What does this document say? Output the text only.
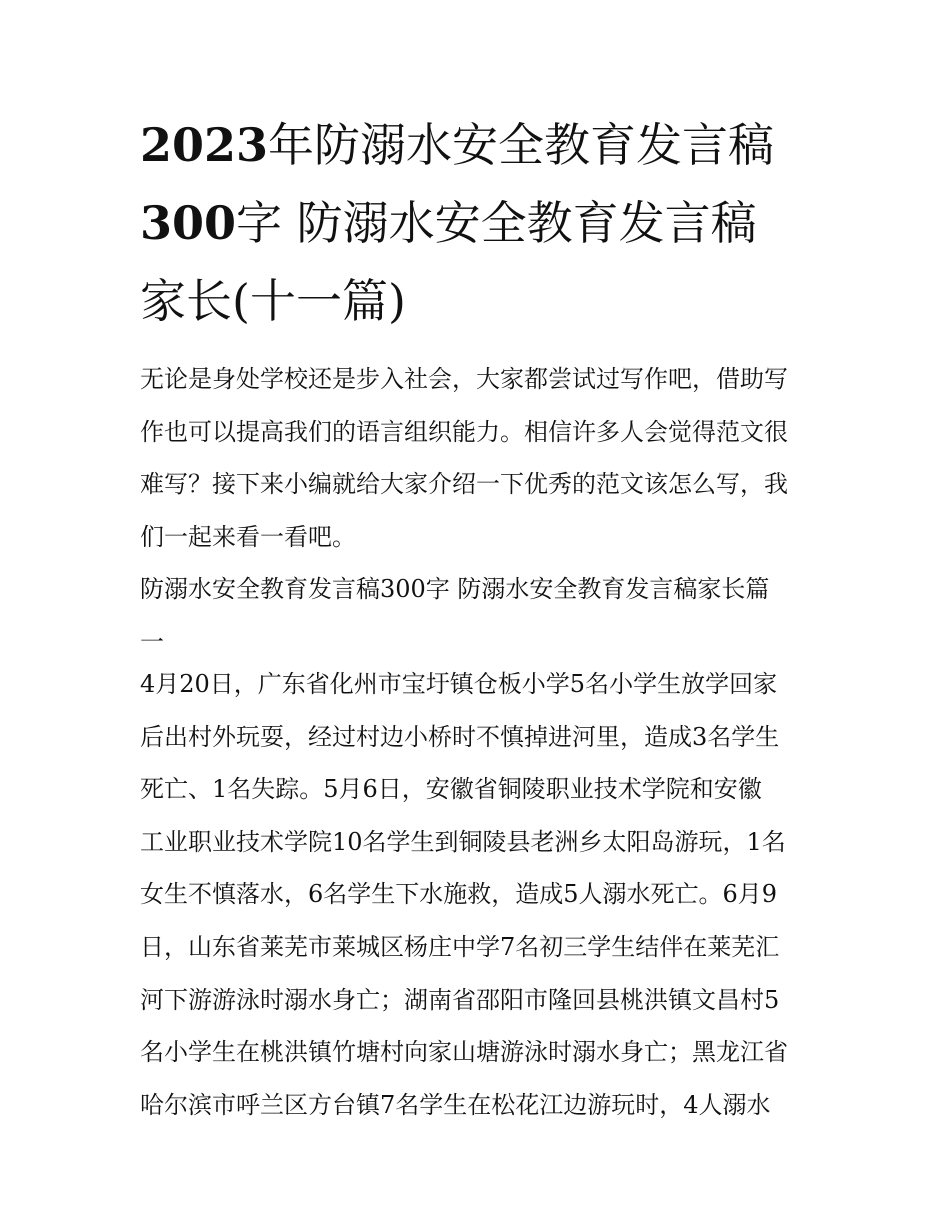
2023年防溺水安全教育发言稿
300字 防溺水安全教育发言稿
家长(十一篇)

无论是身处学校还是步入社会，大家都尝试过写作吧，借助写
作也可以提高我们的语言组织能力。相信许多人会觉得范文很
难写？接下来小编就给大家介绍一下优秀的范文该怎么写，我
们一起来看一看吧。

防溺水安全教育发言稿300字 防溺水安全教育发言稿家长篇
一

4月20日，广东省化州市宝圩镇仓板小学5名小学生放学回家
后出村外玩耍，经过村边小桥时不慎掉进河里，造成3名学生
死亡、1名失踪。5月6日，安徽省铜陵职业技术学院和安徽
工业职业技术学院10名学生到铜陵县老洲乡太阳岛游玩，1名
女生不慎落水，6名学生下水施救，造成5人溺水死亡。6月9
日，山东省莱芜市莱城区杨庄中学7名初三学生结伴在莱芜汇
河下游游泳时溺水身亡；湖南省邵阳市隆回县桃洪镇文昌村5
名小学生在桃洪镇竹塘村向家山塘游泳时溺水身亡；黑龙江省
哈尔滨市呼兰区方台镇7名学生在松花江边游玩时，4人溺水
